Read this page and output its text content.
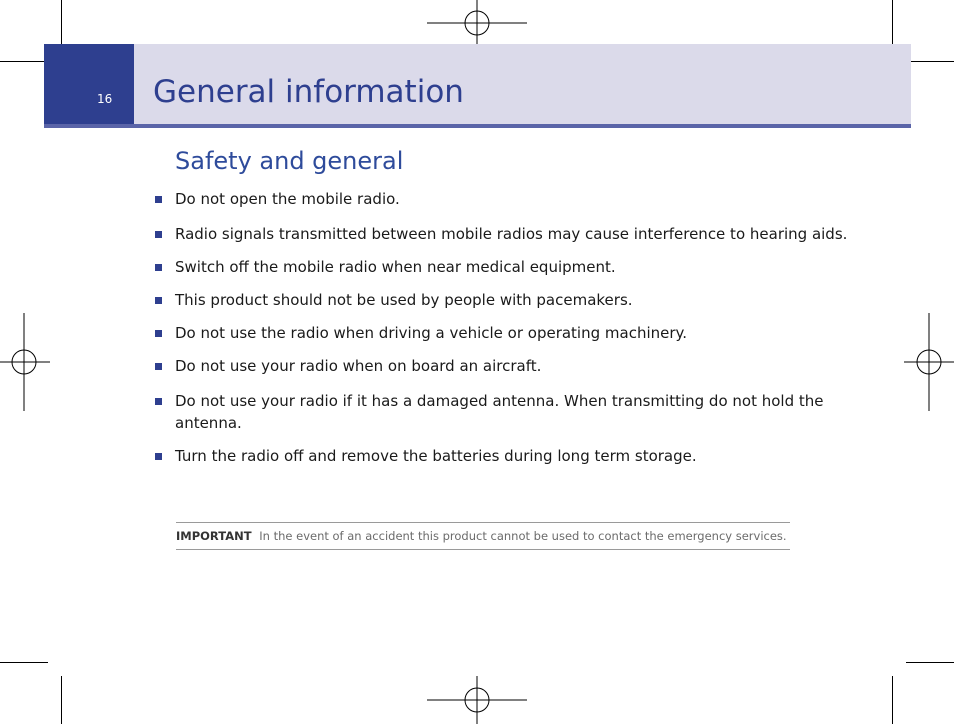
16 General information
Safety and general
Do not open the mobile radio.
Radio signals transmitted between mobile radios may cause interference to hearing aids.
Switch off the mobile radio when near medical equipment.
This product should not be used by people with pacemakers.
Do not use the radio when driving a vehicle or operating machinery.
Do not use your radio when on board an aircraft.
Do not use your radio if it has a damaged antenna. When transmitting do not hold the antenna.
Turn the radio off and remove the batteries during long term storage.
IMPORTANT In the event of an accident this product cannot be used to contact the emergency services.
